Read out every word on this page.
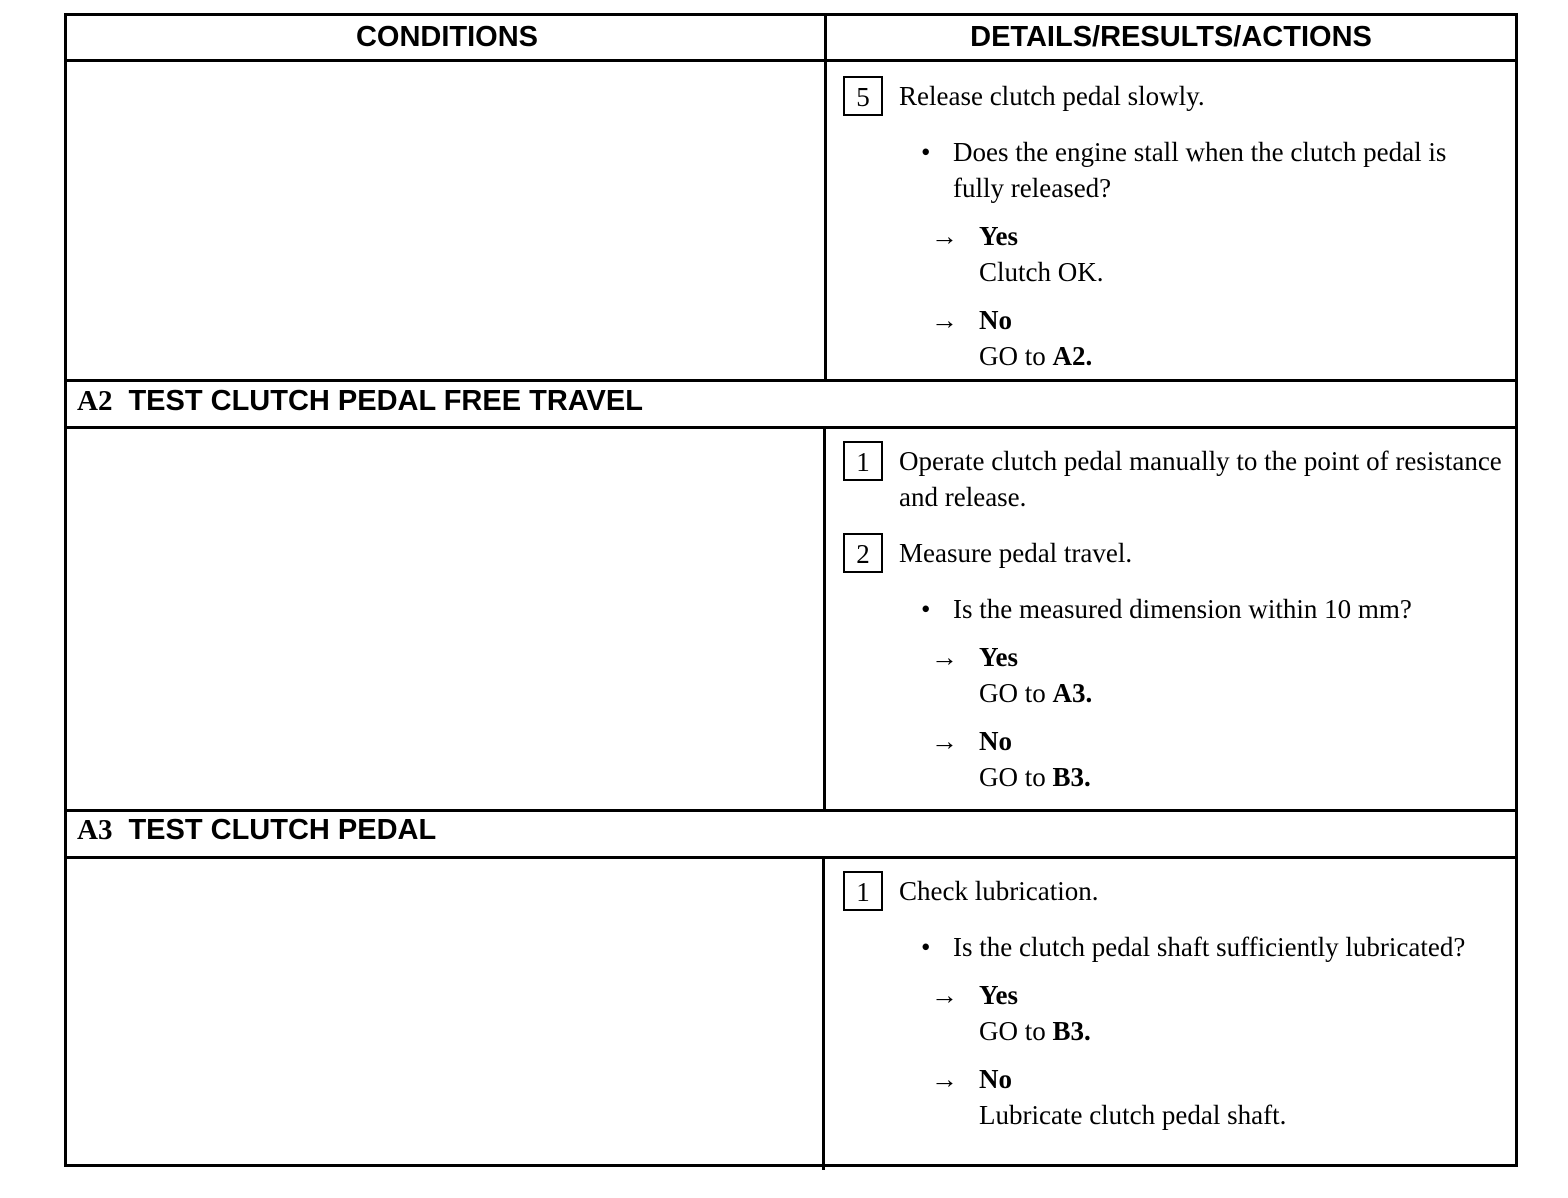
CONDITIONS	DETAILS/RESULTS/ACTIONS
5	Release clutch pedal slowly.
• Does the engine stall when the clutch pedal is fully released?
→ Yes
Clutch OK.
→ No
GO to A2.
A2 TEST CLUTCH PEDAL FREE TRAVEL
1	Operate clutch pedal manually to the point of resistance and release.
2	Measure pedal travel.
• Is the measured dimension within 10 mm?
→ Yes
GO to A3.
→ No
GO to B3.
A3 TEST CLUTCH PEDAL
1	Check lubrication.
• Is the clutch pedal shaft sufficiently lubricated?
→ Yes
GO to B3.
→ No
Lubricate clutch pedal shaft.
